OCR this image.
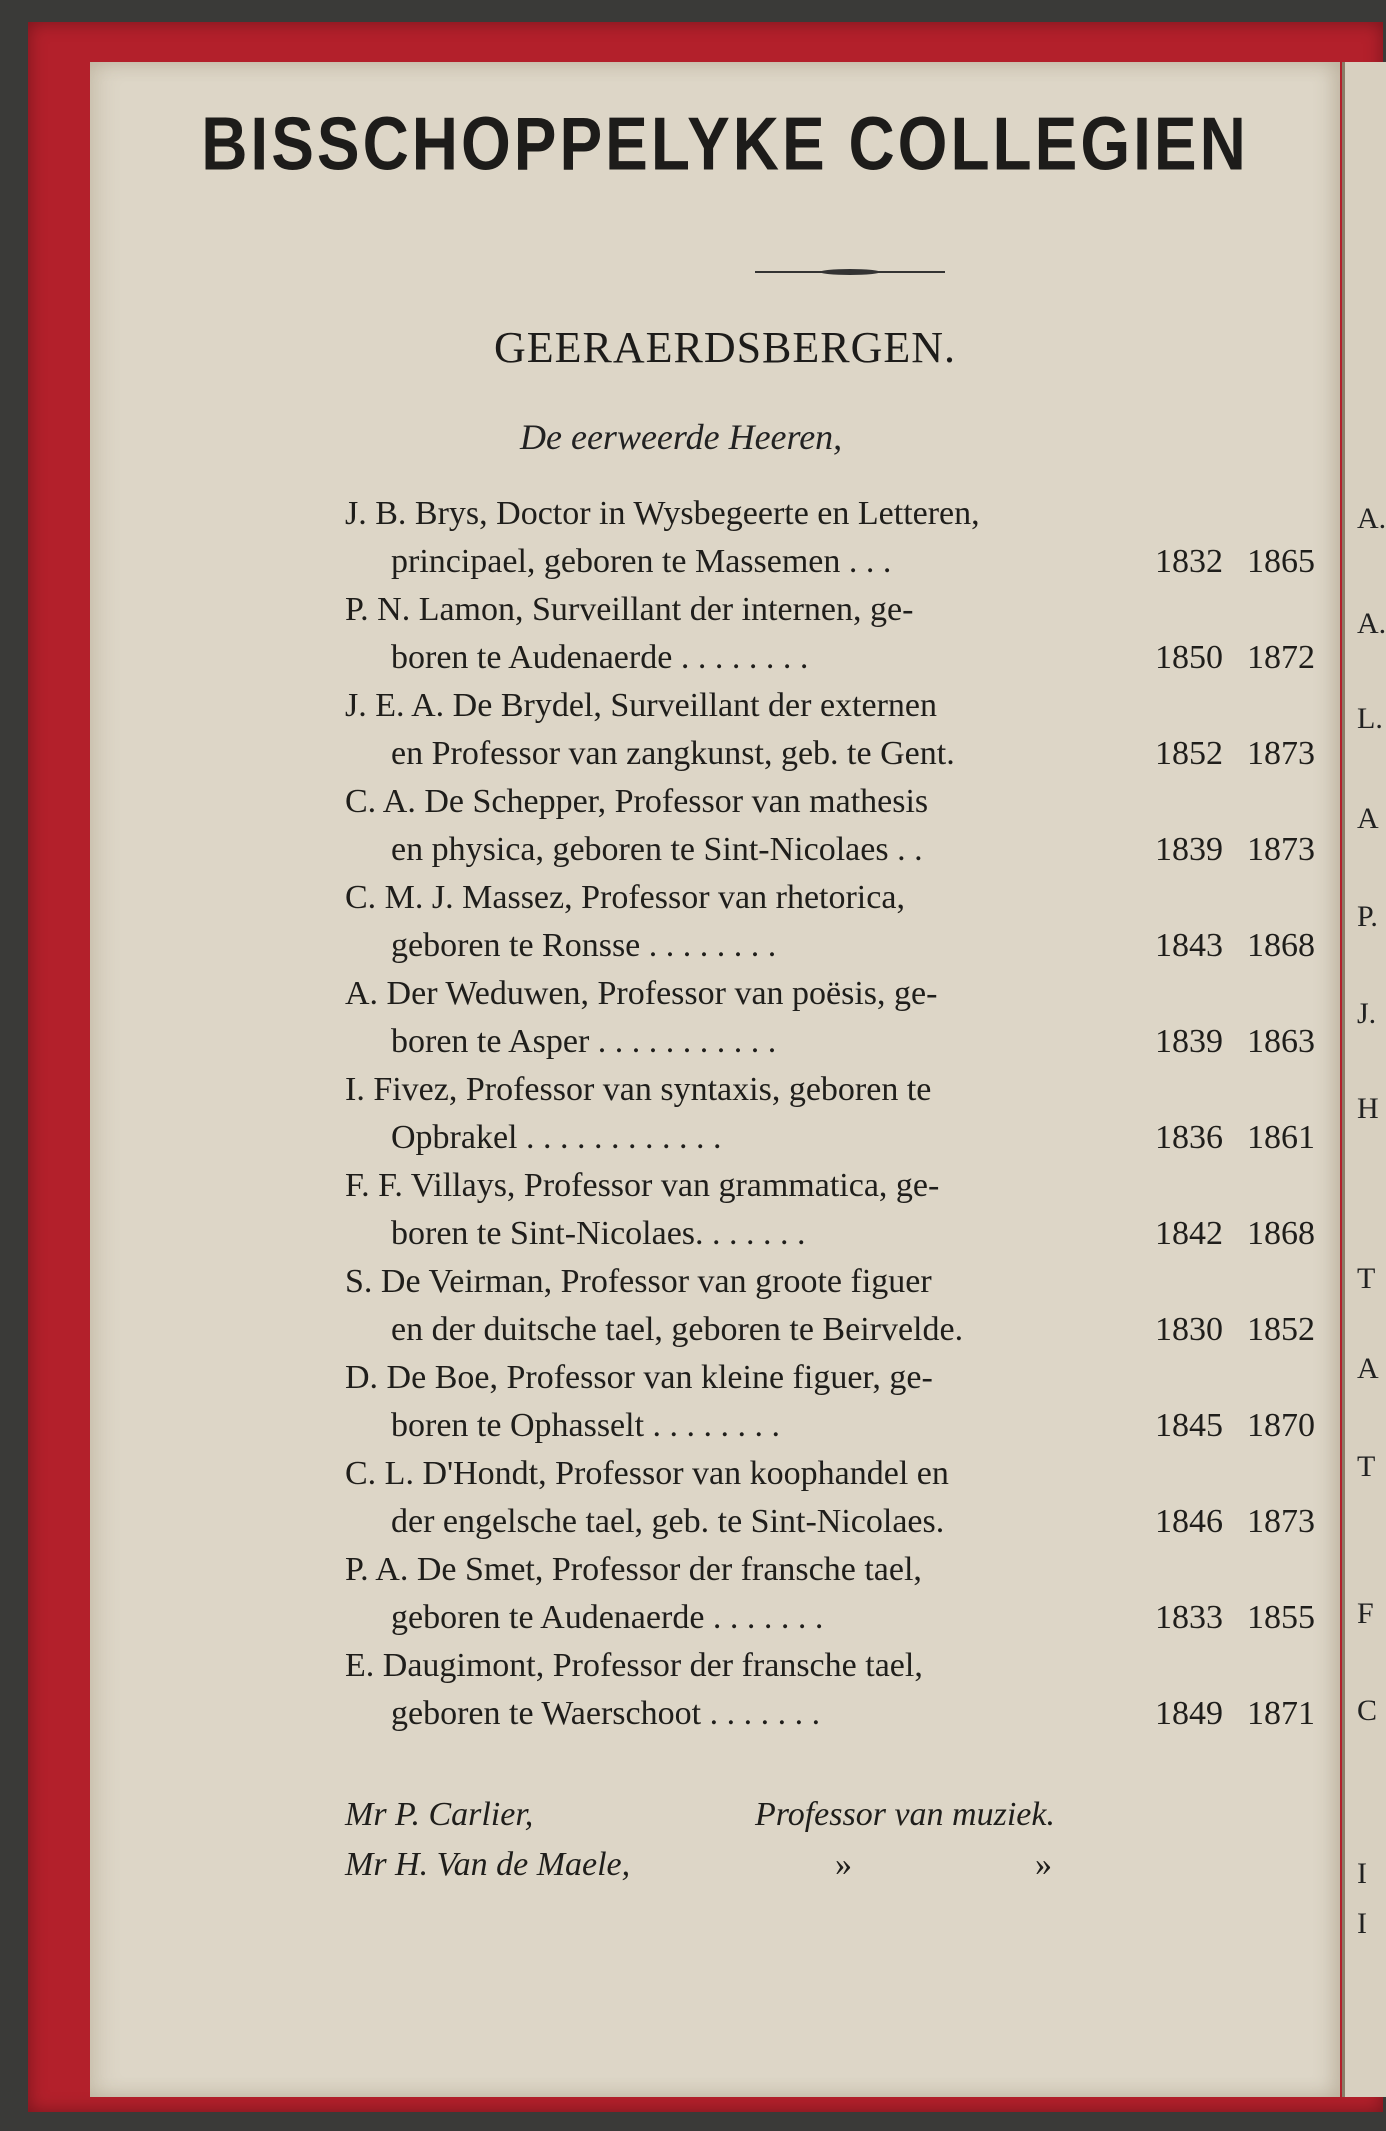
A.
A.
L.
A
P.
J.
H
T
A
T
F
C
I
I
BISSCHOPPELYKE COLLEGIEN
GEERAERDSBERGEN.
De eerweerde Heeren,
J. B. Brys, Doctor in Wysbegeerte en Letteren,
principael, geboren te Massemen . . .	1832 1865
P. N. Lamon, Surveillant der internen, ge-
boren te Audenaerde . . . . . . . .	1850 1872
J. E. A. De Brydel, Surveillant der externen
en Professor van zangkunst, geb. te Gent.	1852 1873
C. A. De Schepper, Professor van mathesis
en physica, geboren te Sint-Nicolaes . .	1839 1873
C. M. J. Massez, Professor van rhetorica,
geboren te Ronsse . . . . . . . .	1843 1868
A. Der Weduwen, Professor van poësis, ge-
boren te Asper . . . . . . . . . . .	1839 1863
I. Fivez, Professor van syntaxis, geboren te
Opbrakel . . . . . . . . . . . .	1836 1861
F. F. Villays, Professor van grammatica, ge-
boren te Sint-Nicolaes. . . . . . .	1842 1868
S. De Veirman, Professor van groote figuer
en der duitsche tael, geboren te Beirvelde.	1830 1852
D. De Boe, Professor van kleine figuer, ge-
boren te Ophasselt . . . . . . . .	1845 1870
C. L. D'Hondt, Professor van koophandel en
der engelsche tael, geb. te Sint-Nicolaes.	1846 1873
P. A. De Smet, Professor der fransche tael,
geboren te Audenaerde . . . . . . .	1833 1855
E. Daugimont, Professor der fransche tael,
geboren te Waerschoot . . . . . . .	1849 1871
Mr P. Carlier,	Professor van muziek.
Mr H. Van de Maele,	»	»
